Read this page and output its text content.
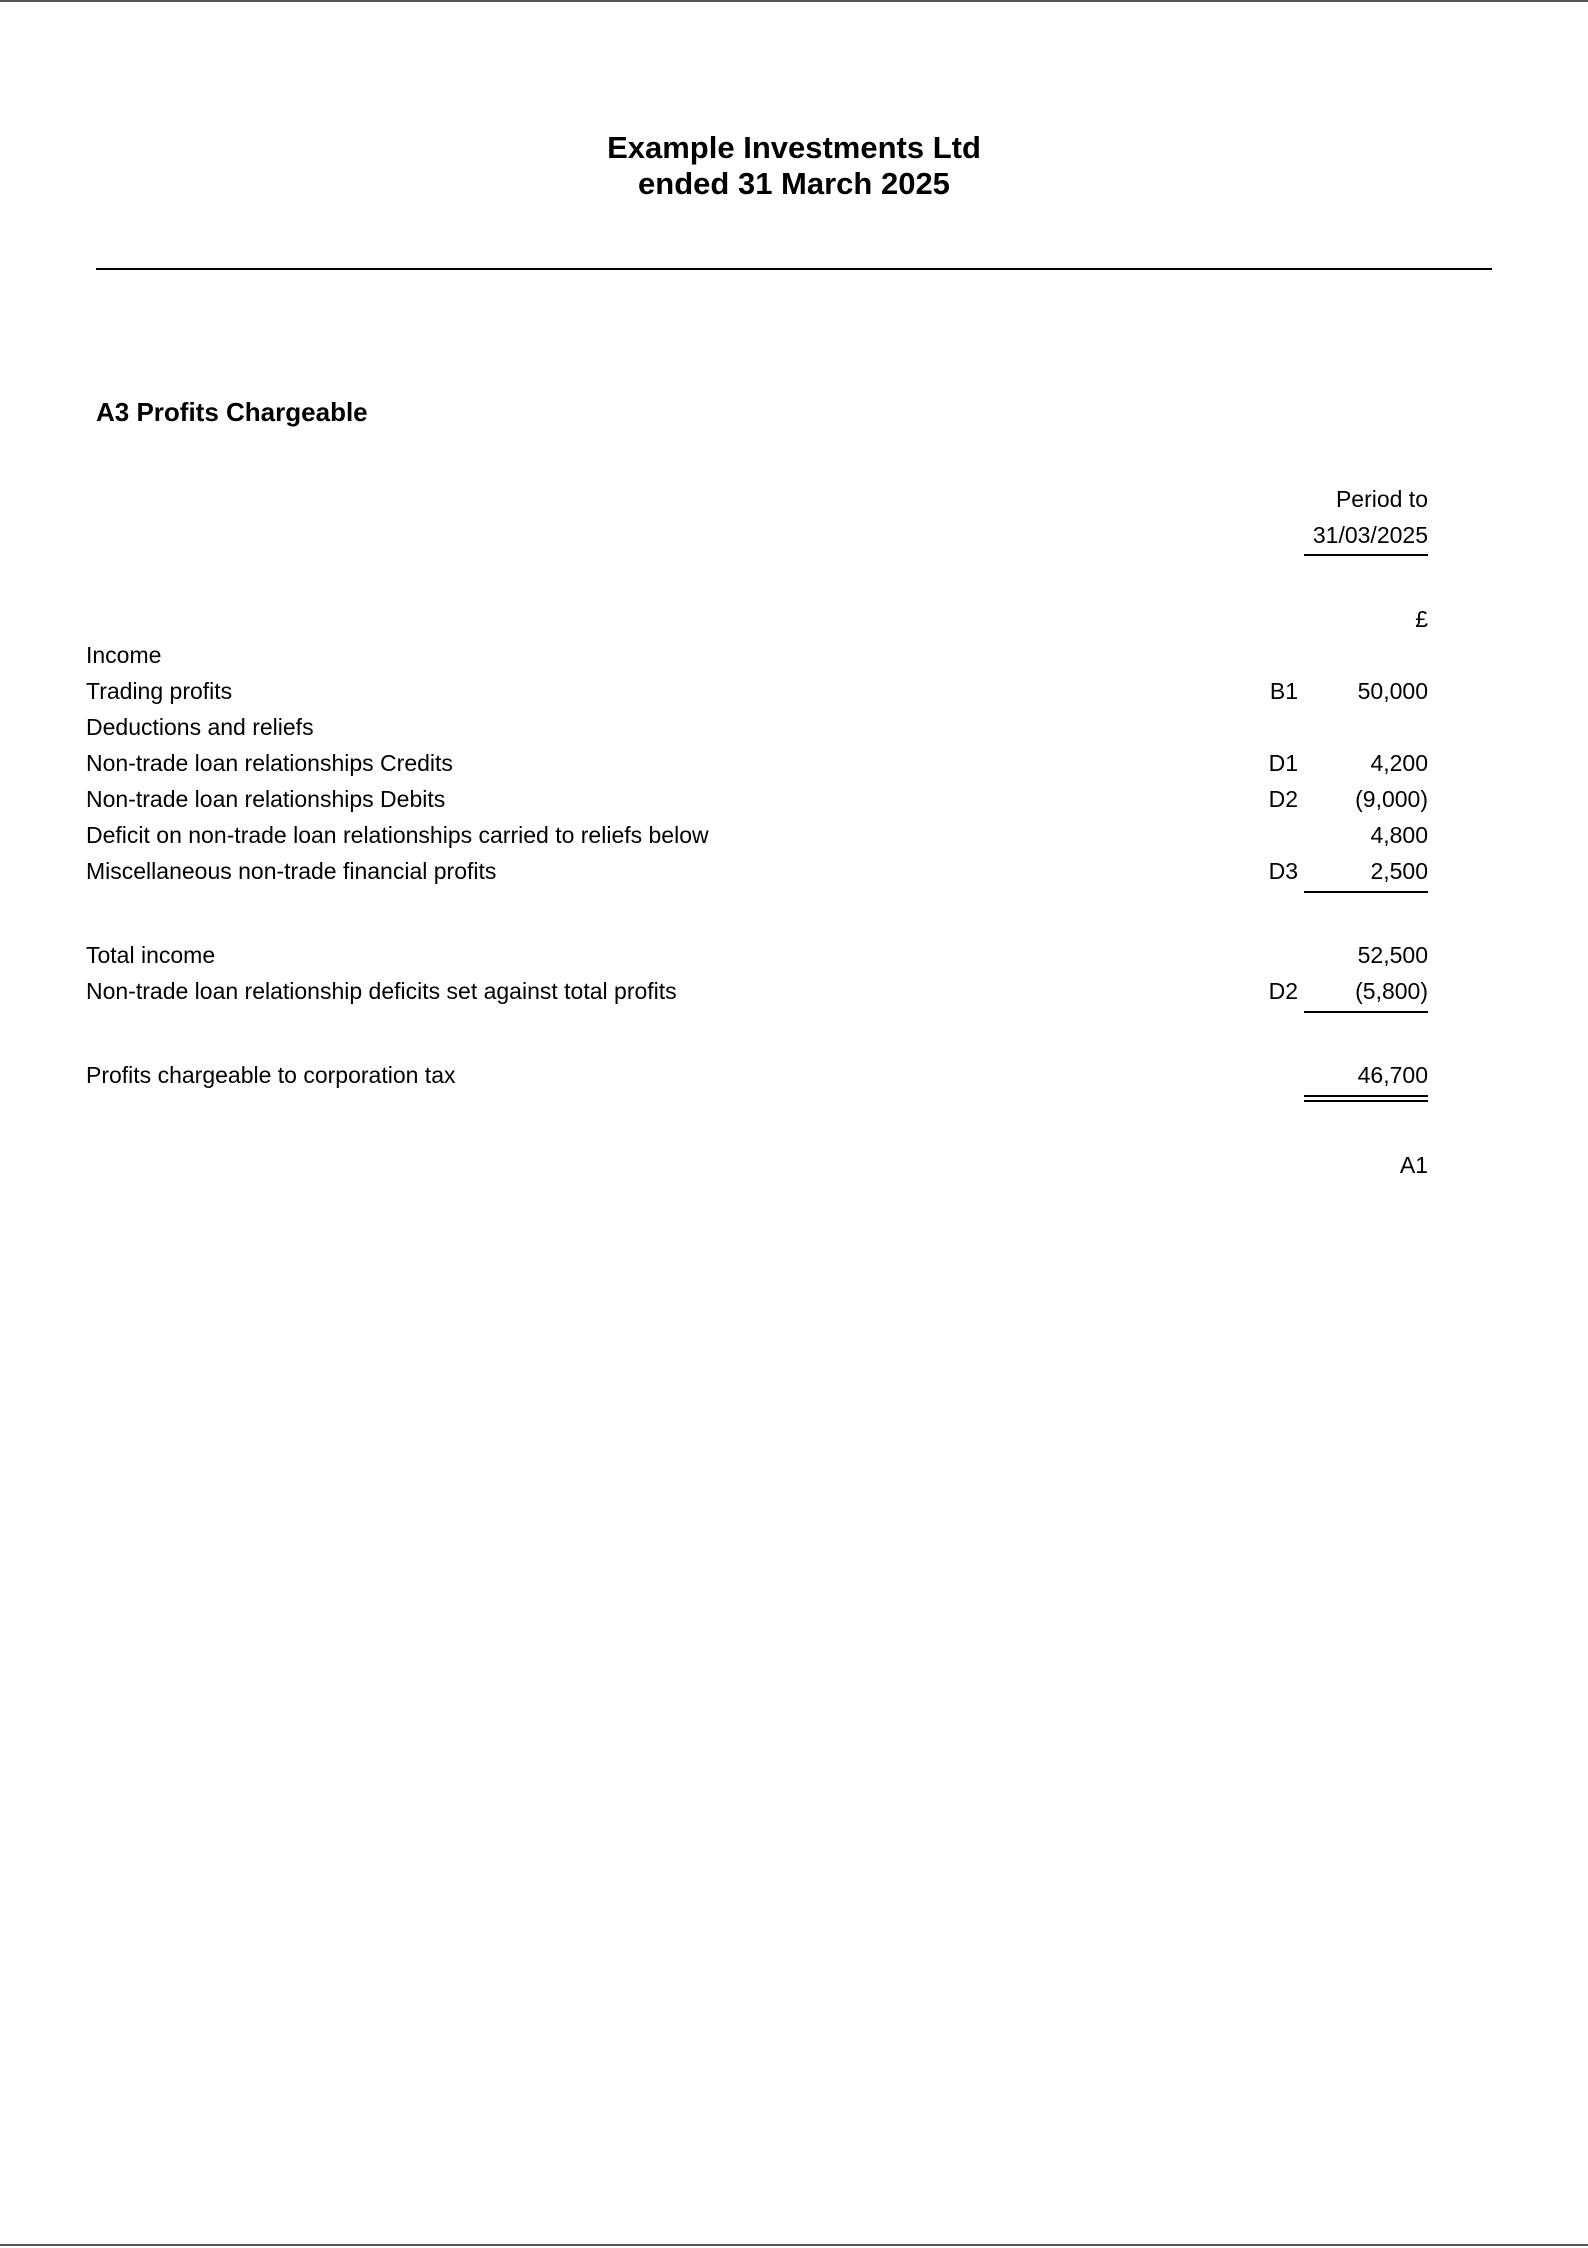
Example Investments Ltd
ended 31 March 2025
A3 Profits Chargeable
Period to
31/03/2025
£
Income
Trading profits	B1	50,000
Deductions and reliefs
Non-trade loan relationships Credits	D1	4,200
Non-trade loan relationships Debits	D2	(9,000)
Deficit on non-trade loan relationships carried to reliefs below	4,800
Miscellaneous non-trade financial profits	D3	2,500
Total income	52,500
Non-trade loan relationship deficits set against total profits	D2	(5,800)
Profits chargeable to corporation tax	46,700
A1
